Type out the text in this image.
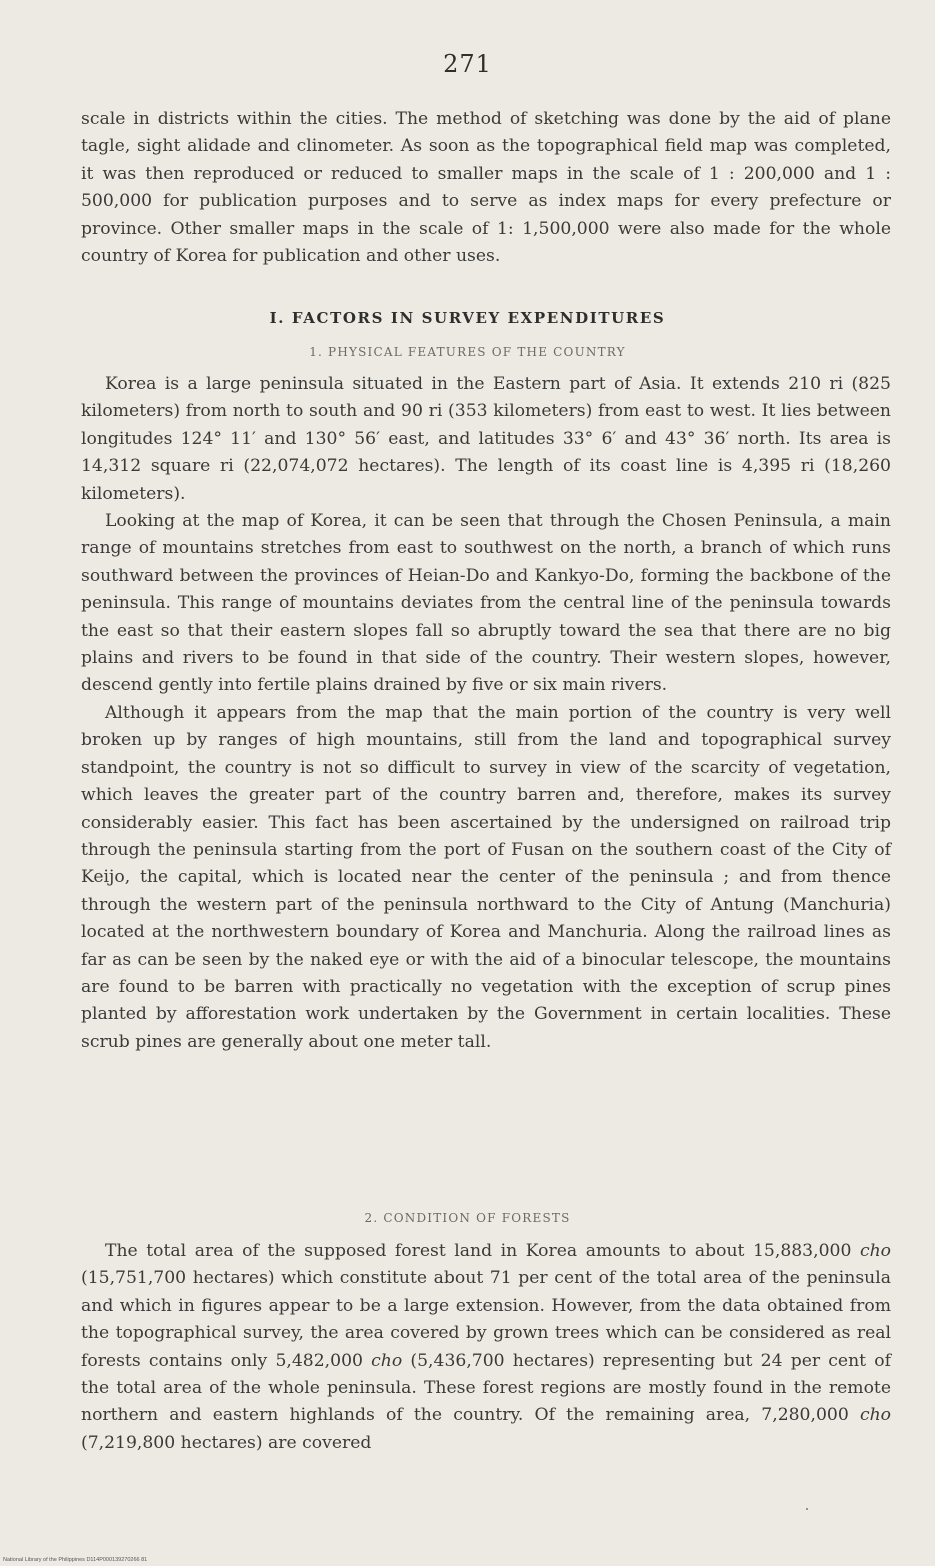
271

scale in districts within the cities. The method of sketching was done by the aid of plane tagle, sight alidade and clinometer. As soon as the topographical field map was completed, it was then reproduced or reduced to smaller maps in the scale of 1 : 200,000 and 1 : 500,000 for publication purposes and to serve as index maps for every prefecture or province. Other smaller maps in the scale of 1: 1,500,000 were also made for the whole country of Korea for publication and other uses.

I. FACTORS IN SURVEY EXPENDITURES
1. PHYSICAL FEATURES OF THE COUNTRY

Korea is a large peninsula situated in the Eastern part of Asia. It extends 210 ri (825 kilometers) from north to south and 90 ri (353 kilometers) from east to west. It lies between longitudes 124° 11′ and 130° 56′ east, and latitudes 33° 6′ and 43° 36′ north. Its area is 14,312 square ri (22,074,072 hectares). The length of its coast line is 4,395 ri (18,260 kilometers).

Looking at the map of Korea, it can be seen that through the Chosen Peninsula, a main range of mountains stretches from east to southwest on the north, a branch of which runs southward between the provinces of Heian-Do and Kankyo-Do, forming the backbone of the peninsula. This range of mountains deviates from the central line of the peninsula towards the east so that their eastern slopes fall so abruptly toward the sea that there are no big plains and rivers to be found in that side of the country. Their western slopes, however, descend gently into fertile plains drained by five or six main rivers.

Although it appears from the map that the main portion of the country is very well broken up by ranges of high mountains, still from the land and topographical survey standpoint, the country is not so difficult to survey in view of the scarcity of vegetation, which leaves the greater part of the country barren and, therefore, makes its survey considerably easier. This fact has been ascertained by the undersigned on railroad trip through the peninsula starting from the port of Fusan on the southern coast of the City of Keijo, the capital, which is located near the center of the peninsula ; and from thence through the western part of the peninsula northward to the City of Antung (Manchuria) located at the northwestern boundary of Korea and Manchuria. Along the railroad lines as far as can be seen by the naked eye or with the aid of a binocular telescope, the mountains are found to be barren with practically no vegetation with the exception of scrup pines planted by afforestation work undertaken by the Government in certain localities. These scrub pines are generally about one meter tall.

2. CONDITION OF FORESTS

The total area of the supposed forest land in Korea amounts to about 15,883,000 cho (15,751,700 hectares) which constitute about 71 per cent of the total area of the peninsula and which in figures appear to be a large extension. However, from the data obtained from the topographical survey, the area covered by grown trees which can be considered as real forests contains only 5,482,000 cho (5,436,700 hectares) representing but 24 per cent of the total area of the whole peninsula. These forest regions are mostly found in the remote northern and eastern highlands of the country. Of the remaining area, 7,280,000 cho (7,219,800 hectares) are covered

National Library of the Philippines D114P000139270266 81
